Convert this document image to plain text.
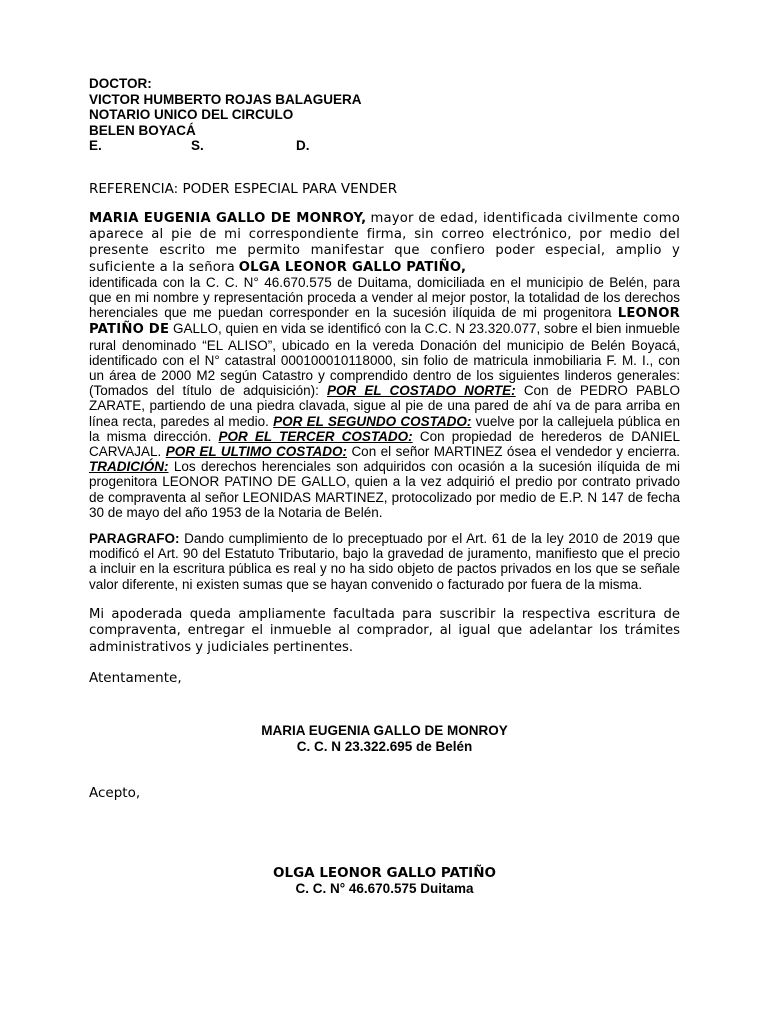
DOCTOR:

VICTOR HUMBERTO ROJAS BALAGUERA

NOTARIO UNICO DEL CIRCULO

BELEN BOYACÁ

E.	S.	D.

REFERENCIA: PODER ESPECIAL PARA VENDER

MARIA EUGENIA GALLO DE MONROY, mayor de edad, identificada civilmente como aparece al pie de mi correspondiente firma, sin correo electrónico, por medio del presente escrito me permito manifestar que confiero poder especial, amplio y suficiente a la señora OLGA LEONOR GALLO PATIÑO,

identificada con la C. C. N° 46.670.575 de Duitama, domiciliada en el municipio de Belén, para que en mi nombre y representación proceda a vender al mejor postor, la totalidad de los derechos herenciales que me puedan corresponder en la sucesión ilíquida de mi progenitora LEONOR PATIÑO DE GALLO, quien en vida se identificó con la C.C. N 23.320.077, sobre el bien inmueble rural denominado “EL ALISO”, ubicado en la vereda Donación del municipio de Belén Boyacá, identificado con el N° catastral 000100010118000, sin folio de matricula inmobiliaria F. M. I., con un área de 2000 M2 según Catastro y comprendido dentro de los siguientes linderos generales: (Tomados del título de adquisición): POR EL COSTADO NORTE: Con de PEDRO PABLO ZARATE, partiendo de una piedra clavada, sigue al pie de una pared de ahí va de para arriba en línea recta, paredes al medio. POR EL SEGUNDO COSTADO: vuelve por la callejuela pública en la misma dirección. POR EL TERCER COSTADO: Con propiedad de herederos de DANIEL CARVAJAL. POR EL ULTIMO COSTADO: Con el señor MARTINEZ ósea el vendedor y encierra. TRADICIÓN: Los derechos herenciales son adquiridos con ocasión a la sucesión ilíquida de mi progenitora LEONOR PATINO DE GALLO, quien a la vez adquirió el predio por contrato privado de compraventa al señor LEONIDAS MARTINEZ, protocolizado por medio de E.P. N 147 de fecha 30 de mayo del año 1953 de la Notaria de Belén.

PARAGRAFO: Dando cumplimiento de lo preceptuado por el Art. 61 de la ley 2010 de 2019 que modificó el Art. 90 del Estatuto Tributario, bajo la gravedad de juramento, manifiesto que el precio a incluir en la escritura pública es real y no ha sido objeto de pactos privados en los que se señale valor diferente, ni existen sumas que se hayan convenido o facturado por fuera de la misma.

Mi apoderada queda ampliamente facultada para suscribir la respectiva escritura de compraventa, entregar el inmueble al comprador, al igual que adelantar los trámites administrativos y judiciales pertinentes.

Atentamente,

MARIA EUGENIA GALLO DE MONROY

C. C. N 23.322.695 de Belén

Acepto,

OLGA LEONOR GALLO PATIÑO

C. C. N° 46.670.575 Duitama
